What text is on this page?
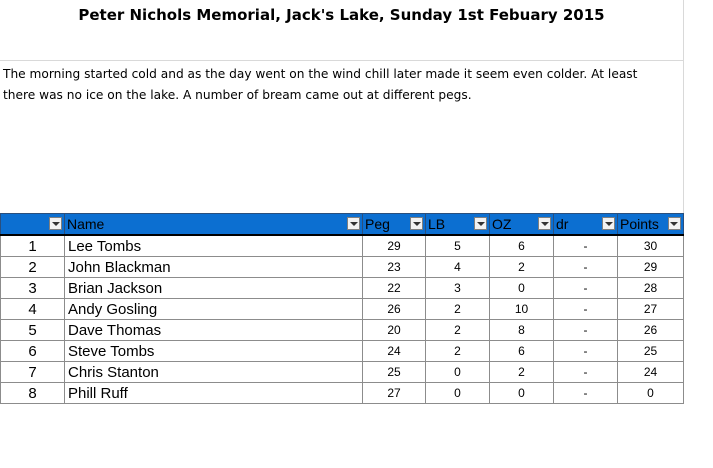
Peter Nichols Memorial, Jack's Lake, Sunday 1st Febuary 2015
The morning started cold and as the day went on the wind chill later made it seem even colder. At least
there was no ice on the lake. A number of bream came out at different pegs.

	Name	Peg	LB	OZ	dr	Points

1	Lee Tombs	29	5	6	-	30
2	John Blackman	23	4	2	-	29
3	Brian Jackson	22	3	0	-	28
4	Andy Gosling	26	2	10	-	27
5	Dave Thomas	20	2	8	-	26
6	Steve Tombs	24	2	6	-	25
7	Chris Stanton	25	0	2	-	24
8	Phill Ruff	27	0	0	-	0
